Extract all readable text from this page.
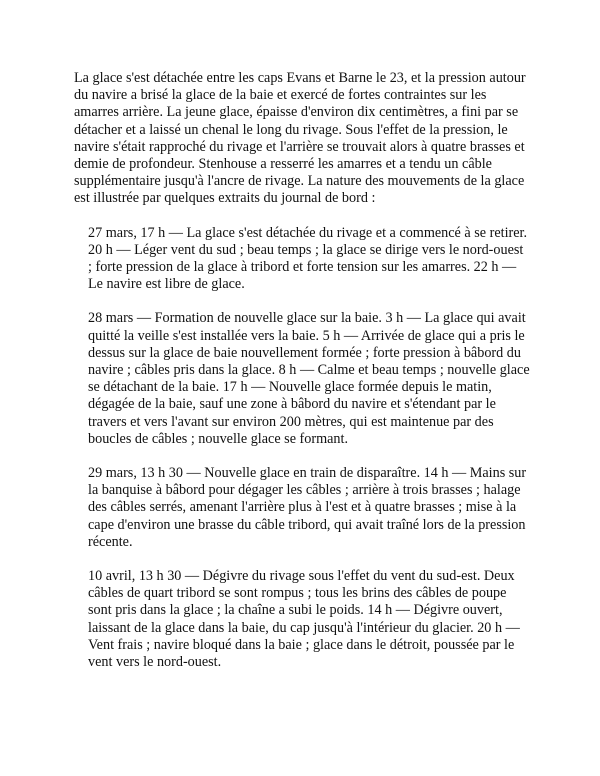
La glace s'est détachée entre les caps Evans et Barne le 23, et la pression autour du navire a brisé la glace de la baie et exercé de fortes contraintes sur les amarres arrière. La jeune glace, épaisse d'environ dix centimètres, a fini par se détacher et a laissé un chenal le long du rivage. Sous l'effet de la pression, le navire s'était rapproché du rivage et l'arrière se trouvait alors à quatre brasses et demie de profondeur. Stenhouse a resserré les amarres et a tendu un câble supplémentaire jusqu'à l'ancre de rivage. La nature des mouvements de la glace est illustrée par quelques extraits du journal de bord :

27 mars, 17 h — La glace s'est détachée du rivage et a commencé à se retirer. 20 h — Léger vent du sud ; beau temps ; la glace se dirige vers le nord-ouest ; forte pression de la glace à tribord et forte tension sur les amarres. 22 h — Le navire est libre de glace.

28 mars — Formation de nouvelle glace sur la baie. 3 h — La glace qui avait quitté la veille s'est installée vers la baie. 5 h — Arrivée de glace qui a pris le dessus sur la glace de baie nouvellement formée ; forte pression à bâbord du navire ; câbles pris dans la glace. 8 h — Calme et beau temps ; nouvelle glace se détachant de la baie. 17 h — Nouvelle glace formée depuis le matin, dégagée de la baie, sauf une zone à bâbord du navire et s'étendant par le travers et vers l'avant sur environ 200 mètres, qui est maintenue par des boucles de câbles ; nouvelle glace se formant.

29 mars, 13 h 30 — Nouvelle glace en train de disparaître. 14 h — Mains sur la banquise à bâbord pour dégager les câbles ; arrière à trois brasses ; halage des câbles serrés, amenant l'arrière plus à l'est et à quatre brasses ; mise à la cape d'environ une brasse du câble tribord, qui avait traîné lors de la pression récente.

10 avril, 13 h 30 — Dégivre du rivage sous l'effet du vent du sud-est. Deux câbles de quart tribord se sont rompus ; tous les brins des câbles de poupe sont pris dans la glace ; la chaîne a subi le poids. 14 h — Dégivre ouvert, laissant de la glace dans la baie, du cap jusqu'à l'intérieur du glacier. 20 h — Vent frais ; navire bloqué dans la baie ; glace dans le détroit, poussée par le vent vers le nord-ouest.
